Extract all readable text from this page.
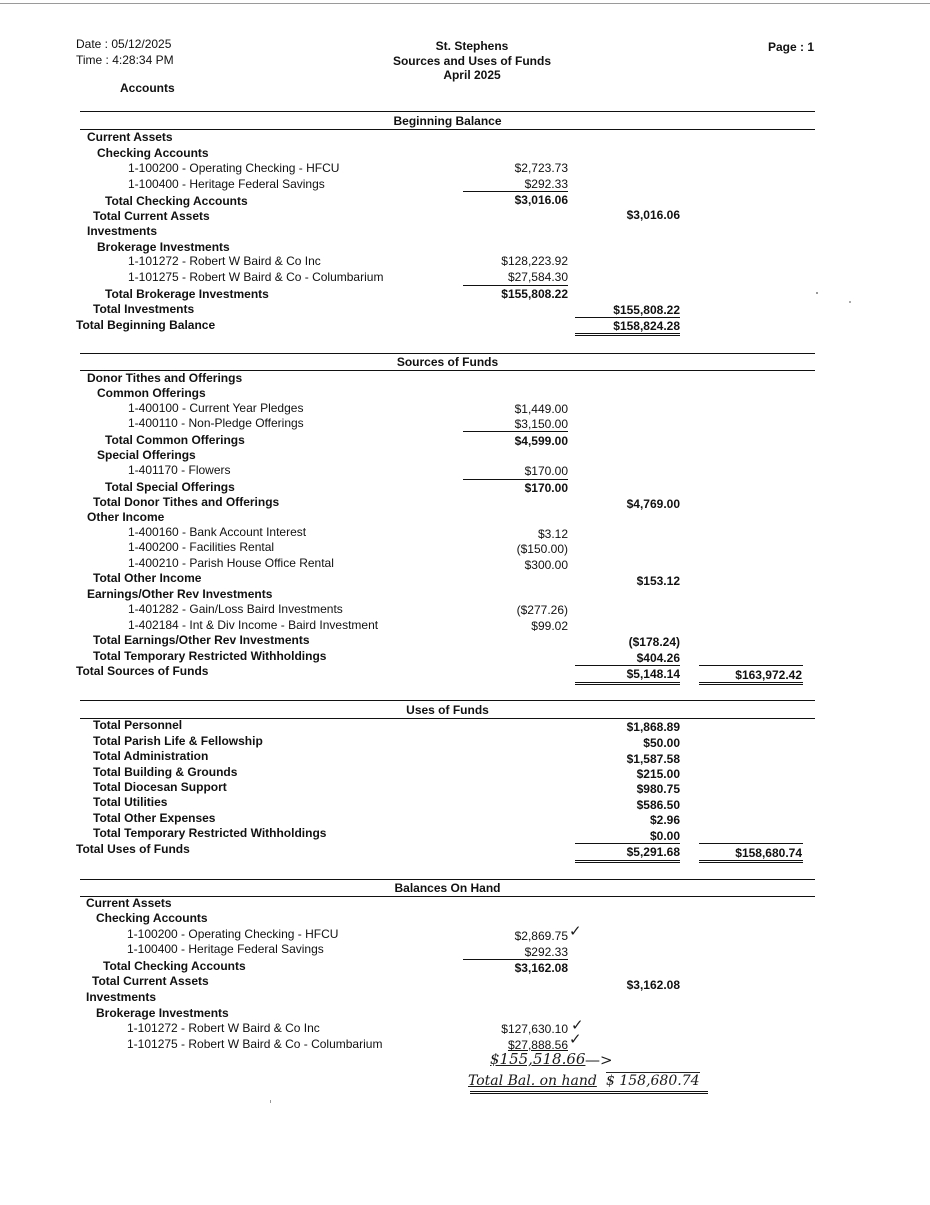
Date : 05/12/2025
Time : 4:28:34 PM
Accounts
St. Stephens
Sources and Uses of Funds
April 2025
Page : 1
Beginning Balance
Current Assets
Checking Accounts
1-100200 - Operating Checking - HFCU	$2,723.73
1-100400 - Heritage Federal Savings	$292.33
Total Checking Accounts	$3,016.06
Total Current Assets	$3,016.06
Investments
Brokerage Investments
1-101272 - Robert W Baird & Co Inc	$128,223.92
1-101275 - Robert W Baird & Co - Columbarium	$27,584.30
Total Brokerage Investments	$155,808.22
Total Investments	$155,808.22
Total Beginning Balance	$158,824.28
Sources of Funds
Donor Tithes and Offerings
Common Offerings
1-400100 - Current Year Pledges	$1,449.00
1-400110 - Non-Pledge Offerings	$3,150.00
Total Common Offerings	$4,599.00
Special Offerings
1-401170 - Flowers	$170.00
Total Special Offerings	$170.00
Total Donor Tithes and Offerings	$4,769.00
Other Income
1-400160 - Bank Account Interest	$3.12
1-400200 - Facilities Rental	($150.00)
1-400210 - Parish House Office Rental	$300.00
Total Other Income	$153.12
Earnings/Other Rev Investments
1-401282 - Gain/Loss Baird Investments	($277.26)
1-402184 - Int & Div Income - Baird Investment	$99.02
Total Earnings/Other Rev Investments	($178.24)
Total Temporary Restricted Withholdings	$404.26
Total Sources of Funds	$5,148.14	$163,972.42
Uses of Funds
Total Personnel	$1,868.89
Total Parish Life & Fellowship	$50.00
Total Administration	$1,587.58
Total Building & Grounds	$215.00
Total Diocesan Support	$980.75
Total Utilities	$586.50
Total Other Expenses	$2.96
Total Temporary Restricted Withholdings	$0.00
Total Uses of Funds	$5,291.68	$158,680.74
Balances On Hand
Current Assets
Checking Accounts
1-100200 - Operating Checking - HFCU	$2,869.75 ✓
1-100400 - Heritage Federal Savings	$292.33
Total Checking Accounts	$3,162.08
Total Current Assets	$3,162.08
Investments
Brokerage Investments
1-101272 - Robert W Baird & Co Inc	$127,630.10 ✓
1-101275 - Robert W Baird & Co - Columbarium	$27,888.56 ✓
$155,518.66 —>
Total Bal. on hand $ 158,680.74
